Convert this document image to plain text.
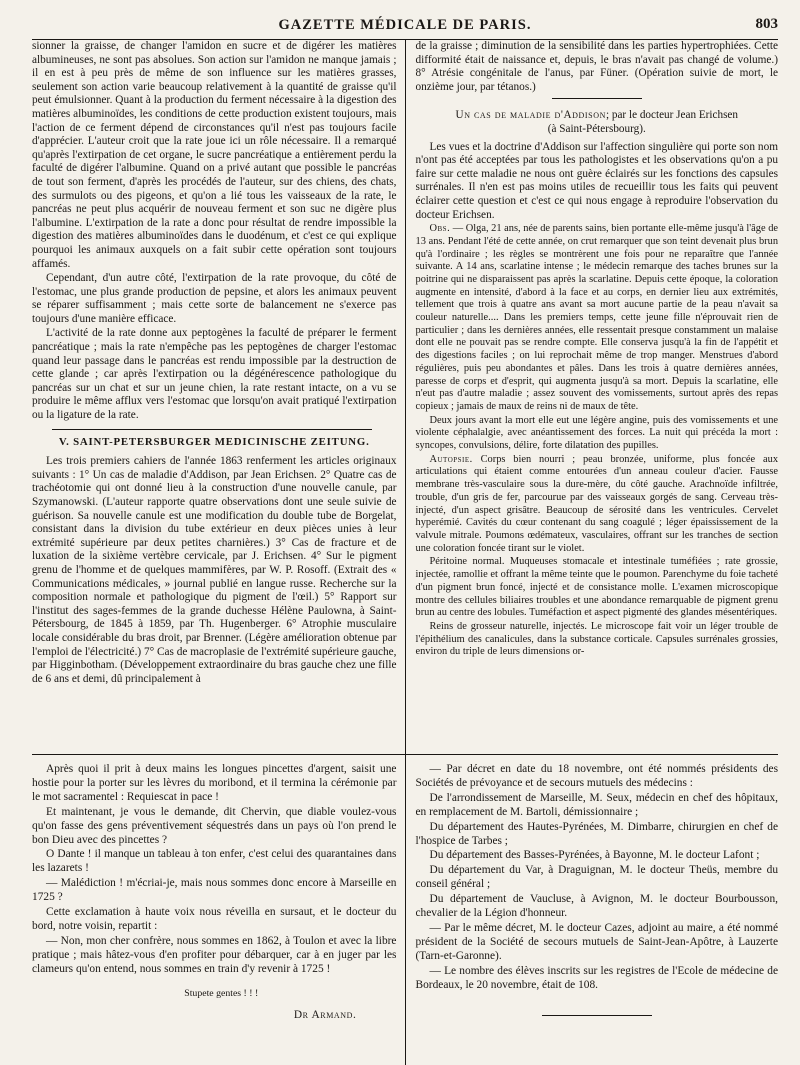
GAZETTE MÉDICALE DE PARIS.	803

sionner la graisse, de changer l'amidon en sucre et de digérer les matières albumineuses, ne sont pas absolues. Son action sur l'amidon ne manque jamais ; il en est à peu près de même de son influence sur les matières grasses, seulement son action varie beaucoup relativement à la quantité de graisse qu'il peut émulsionner. Quant à la production du ferment nécessaire à la digestion des matières albuminoïdes, les conditions de cette production existent toujours, mais l'action de ce ferment dépend de circonstances qu'il n'est pas toujours facile d'apprécier. L'auteur croit que la rate joue ici un rôle nécessaire. Il a remarqué qu'après l'extirpation de cet organe, le sucre pancréatique a entièrement perdu la faculté de digérer l'albumine. Quand on a privé autant que possible le pancréas de tout son ferment, d'après les procédés de l'auteur, sur des chiens, des chats, des surmulots ou des pigeons, et qu'on a lié tous les vaisseaux de la rate, le pancréas ne peut plus acquérir de nouveau ferment et son suc ne digère plus l'albumine. L'extirpation de la rate a donc pour résultat de rendre impossible la digestion des matières albuminoïdes dans le duodénum, et c'est ce qui explique pourquoi les animaux auxquels on a fait subir cette opération sont toujours affamés.

Cependant, d'un autre côté, l'extirpation de la rate provoque, du côté de l'estomac, une plus grande production de pepsine, et alors les animaux peuvent se réparer suffisamment ; mais cette sorte de balancement ne s'exerce pas toujours d'une manière efficace.

L'activité de la rate donne aux peptogènes la faculté de préparer le ferment pancréatique ; mais la rate n'empêche pas les peptogènes de charger l'estomac quand leur passage dans le pancréas est rendu impossible par la destruction de cette glande ; car après l'extirpation ou la dégénérescence pathologique du pancréas sur un chat et sur un jeune chien, la rate restant intacte, on a vu se produire le même afflux vers l'estomac que lorsqu'on avait pratiqué l'extirpation ou la ligature de la rate.

V. SAINT-PETERSBURGER MEDICINISCHE ZEITUNG.

Les trois premiers cahiers de l'année 1863 renferment les articles originaux suivants : 1° Un cas de maladie d'Addison, par Jean Erichsen. 2° Quatre cas de trachéotomie qui ont donné lieu à la construction d'une nouvelle canule, par Szymanowski. (L'auteur rapporte quatre observations dont une seule suivie de guérison. Sa nouvelle canule est une modification du double tube de Borgelat, consistant dans la division du tube extérieur en deux pièces unies à leur extrémité supérieure par deux petites charnières.) 3° Cas de fracture et de luxation de la sixième vertèbre cervicale, par J. Erichsen. 4° Sur le pigment grenu de l'homme et de quelques mammifères, par W. P. Rosoff. (Extrait des « Communications médicales, » journal publié en langue russe. Recherche sur la composition normale et pathologique du pigment de l'œil.) 5° Rapport sur l'institut des sages-femmes de la grande duchesse Hélène Paulowna, à Saint-Pétersbourg, de 1845 à 1859, par Th. Hugenberger. 6° Atrophie musculaire locale considérable du bras droit, par Brenner. (Légère amélioration obtenue par l'emploi de l'électricité.) 7° Cas de macroplasie de l'extrémité supérieure gauche, par Higginbotham. (Développement extraordinaire du bras gauche chez une fille de 6 ans et demi, dû principalement à

de la graisse ; diminution de la sensibilité dans les parties hypertrophiées. Cette difformité était de naissance et, depuis, le bras n'avait pas changé de volume.) 8° Atrésie congénitale de l'anus, par Füner. (Opération suivie de mort, le onzième jour, par tétanos.)

Un cas de maladie d'Addison; par le docteur Jean Erichsen
(à Saint-Pétersbourg).

Les vues et la doctrine d'Addison sur l'affection singulière qui porte son nom n'ont pas été acceptées par tous les pathologistes et les observations qu'on a pu faire sur cette maladie ne nous ont guère éclairés sur les fonctions des capsules surrénales. Il n'en est pas moins utiles de recueillir tous les faits qui peuvent éclairer cette question et c'est ce qui nous engage à reproduire l'observation du docteur Erichsen.

Obs. — Olga, 21 ans, née de parents sains, bien portante elle-même jusqu'à l'âge de 13 ans. Pendant l'été de cette année, on crut remarquer que son teint devenait plus brun qu'à l'ordinaire ; les règles se montrèrent une fois pour ne reparaître que l'année suivante. A 14 ans, scarlatine intense ; le médecin remarque des taches brunes sur la poitrine qui ne disparaissent pas après la scarlatine. Depuis cette époque, la coloration augmente en intensité, d'abord à la face et au corps, en dernier lieu aux extrémités, tellement que trois à quatre ans avant sa mort aucune partie de la peau n'avait sa couleur naturelle.... Dans les premiers temps, cette jeune fille n'éprouvait rien de particulier ; dans les dernières années, elle ressentait presque constamment un malaise dont elle ne pouvait pas se rendre compte. Elle conserva jusqu'à la fin de l'appétit et des digestions faciles ; on lui reprochait même de trop manger. Menstrues d'abord régulières, puis peu abondantes et pâles. Dans les trois à quatre dernières années, paresse de corps et d'esprit, qui augmenta jusqu'à sa mort. Depuis la scarlatine, elle n'eut pas d'autre maladie ; assez souvent des vomissements, surtout après des repas copieux ; jamais de maux de reins ni de maux de tête.

Deux jours avant la mort elle eut une légère angine, puis des vomissements et une violente céphalalgie, avec anéantissement des forces. La nuit qui précéda la mort : syncopes, convulsions, délire, forte dilatation des pupilles.

Autopsie. Corps bien nourri ; peau bronzée, uniforme, plus foncée aux articulations qui étaient comme entourées d'un anneau couleur d'acier. Fausse membrane très-vasculaire sous la dure-mère, du côté gauche. Arachnoïde infiltrée, trouble, d'un gris de fer, parcourue par des vaisseaux gorgés de sang. Cerveau très-injecté, d'un aspect grisâtre. Beaucoup de sérosité dans les ventricules. Cervelet hyperémié. Cavités du cœur contenant du sang coagulé ; léger épaississement de la valvule mitrale. Poumons œdémateux, vasculaires, offrant sur les tranches de section une coloration foncée tirant sur le violet.

Péritoine normal. Muqueuses stomacale et intestinale tuméfiées ; rate grossie, injectée, ramollie et offrant la même teinte que le poumon. Parenchyme du foie tacheté d'un pigment brun foncé, injecté et de consistance molle. L'examen microscopique montre des cellules biliaires troubles et une abondance remarquable de pigment grenu brun au centre des lobules. Tuméfaction et aspect pigmenté des glandes mésentériques.

Reins de grosseur naturelle, injectés. Le microscope fait voir un léger trouble de l'épithélium des canalicules, dans la substance corticale. Capsules surrénales grossies, environ du triple de leurs dimensions or-

Après quoi il prit à deux mains les longues pincettes d'argent, saisit une hostie pour la porter sur les lèvres du moribond, et il termina la cérémonie par le mot sacramentel : Requiescat in pace !

Et maintenant, je vous le demande, dit Chervin, que diable voulez-vous qu'on fasse des gens préventivement séquestrés dans un pays où l'on prend le bon Dieu avec des pincettes ?

O Dante ! il manque un tableau à ton enfer, c'est celui des quarantaines dans les lazarets !

— Malédiction ! m'écriai-je, mais nous sommes donc encore à Marseille en 1725 ?

Cette exclamation à haute voix nous réveilla en sursaut, et le docteur du bord, notre voisin, repartit :

— Non, mon cher confrère, nous sommes en 1862, à Toulon et avec la libre pratique ; mais hâtez-vous d'en profiter pour débarquer, car à en juger par les clameurs qu'on entend, nous sommes en train d'y revenir à 1725 !

Stupete gentes ! ! !

Dr Armand.

— Par décret en date du 18 novembre, ont été nommés présidents des Sociétés de prévoyance et de secours mutuels des médecins :

De l'arrondissement de Marseille, M. Seux, médecin en chef des hôpitaux, en remplacement de M. Bartoli, démissionnaire ;

Du département des Hautes-Pyrénées, M. Dimbarre, chirurgien en chef de l'hospice de Tarbes ;

Du département des Basses-Pyrénées, à Bayonne, M. le docteur Lafont ;

Du département du Var, à Draguignan, M. le docteur Theüs, membre du conseil général ;

Du département de Vaucluse, à Avignon, M. le docteur Bourbousson, chevalier de la Légion d'honneur.

— Par le même décret, M. le docteur Cazes, adjoint au maire, a été nommé président de la Société de secours mutuels de Saint-Jean-Apôtre, à Lauzerte (Tarn-et-Garonne).

— Le nombre des élèves inscrits sur les registres de l'Ecole de médecine de Bordeaux, le 20 novembre, était de 108.
